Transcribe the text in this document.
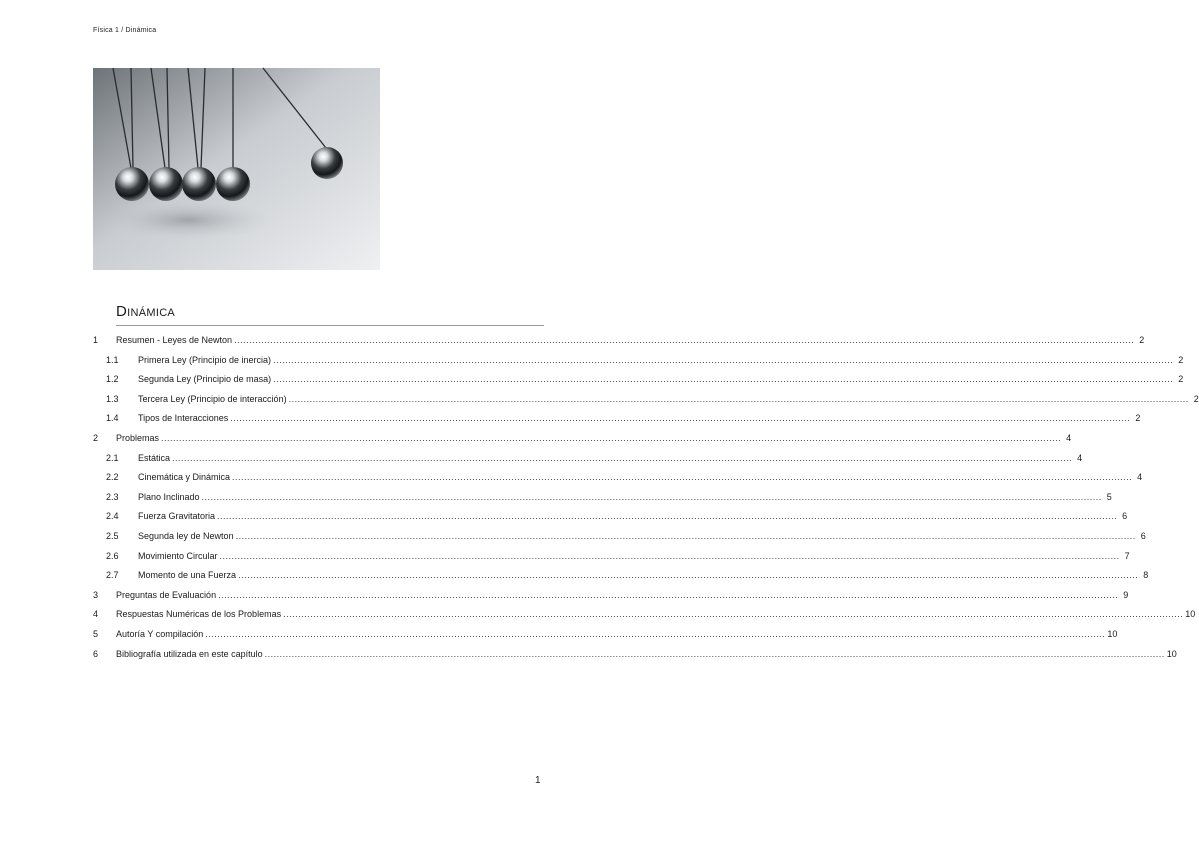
Física 1 / Dinámica
Dinámica
1 Resumen - Leyes de Newton ............................................................................................................................................................................................................................................................................................................ 2
1.1 Primera Ley (Principio de inercia) ............................................................................................................................................................................................................................................................................................................ 2
1.2 Segunda Ley (Principio de masa) ............................................................................................................................................................................................................................................................................................................ 2
1.3 Tercera Ley (Principio de interacción) ............................................................................................................................................................................................................................................................................................................ 2
1.4 Tipos de Interacciones ............................................................................................................................................................................................................................................................................................................ 2
2 Problemas ............................................................................................................................................................................................................................................................................................................ 4
2.1 Estática ............................................................................................................................................................................................................................................................................................................ 4
2.2 Cinemática y Dinámica ............................................................................................................................................................................................................................................................................................................ 4
2.3 Plano Inclinado ............................................................................................................................................................................................................................................................................................................ 5
2.4 Fuerza Gravitatoria ............................................................................................................................................................................................................................................................................................................ 6
2.5 Segunda ley de Newton ............................................................................................................................................................................................................................................................................................................ 6
2.6 Movimiento Circular ............................................................................................................................................................................................................................................................................................................ 7
2.7 Momento de una Fuerza ............................................................................................................................................................................................................................................................................................................ 8
3 Preguntas de Evaluación ............................................................................................................................................................................................................................................................................................................ 9
4 Respuestas Numéricas de los Problemas ............................................................................................................................................................................................................................................................................................................ 10
5 Autoría Y compilación ............................................................................................................................................................................................................................................................................................................ 10
6 Bibliografía utilizada en este capítulo ............................................................................................................................................................................................................................................................................................................ 10
1
